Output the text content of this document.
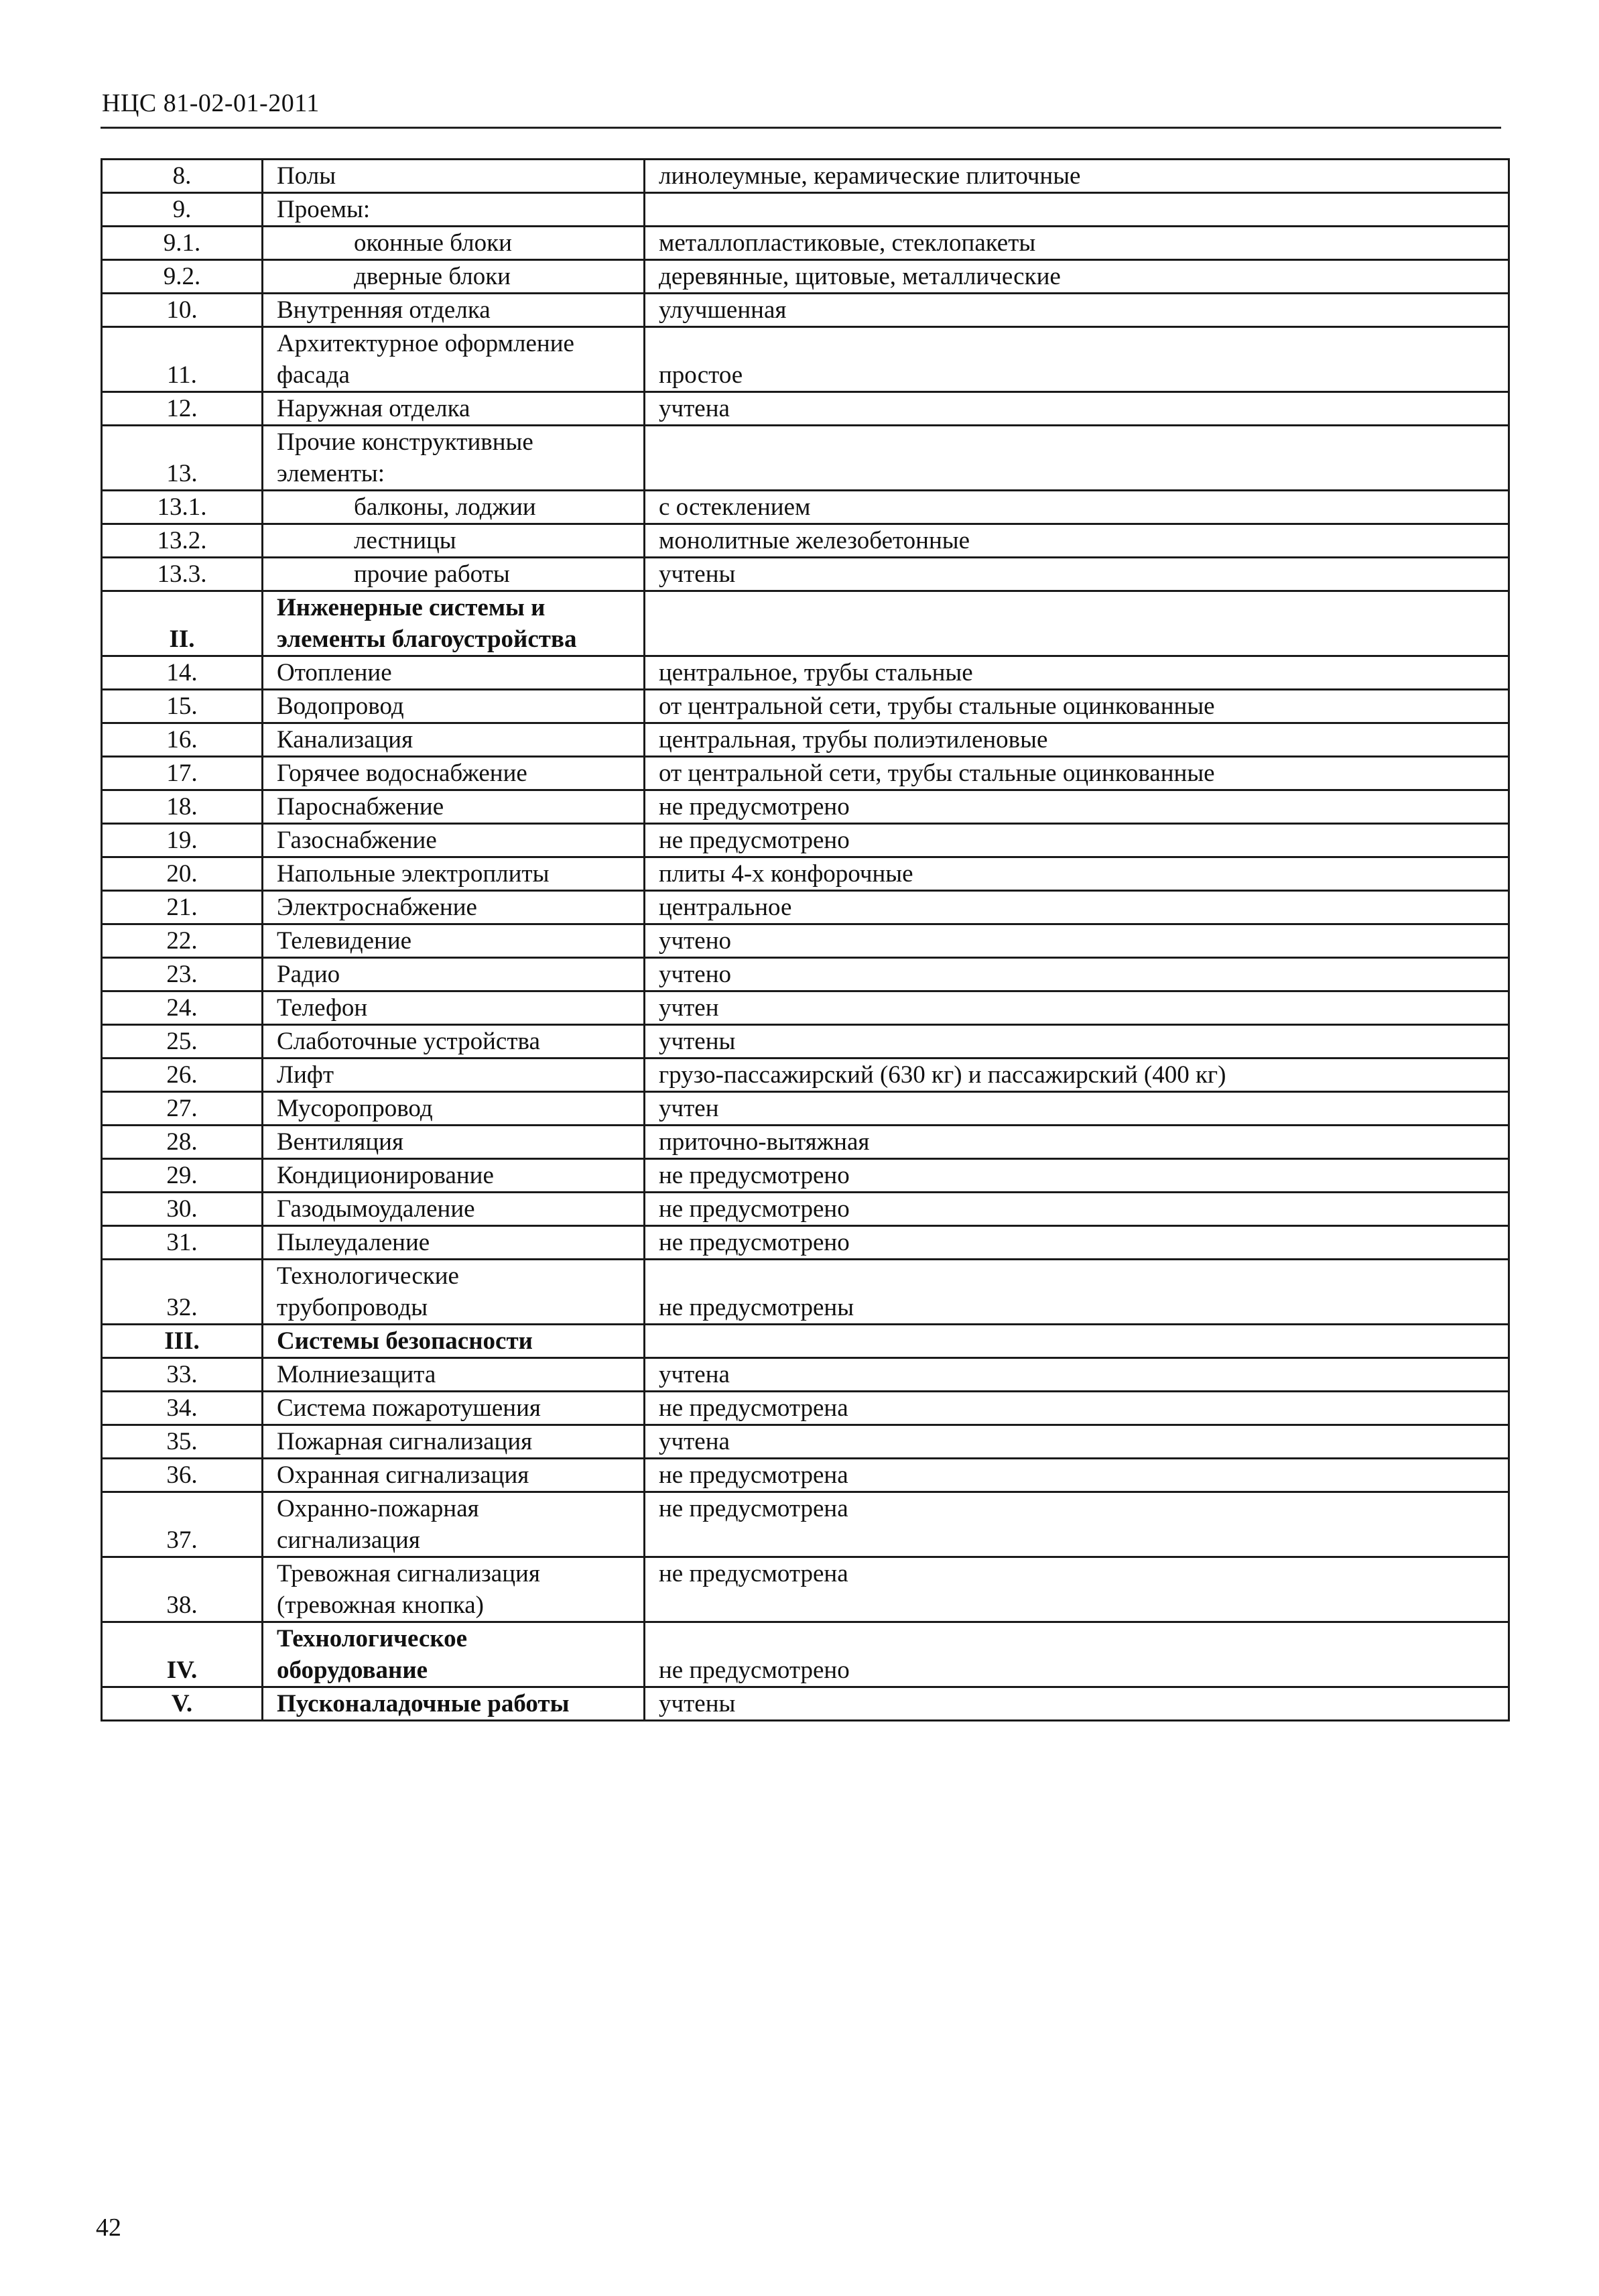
НЦС 81-02-01-2011
8.	Полы	линолеумные, керамические плиточные
9.	Проемы:	

9.1.	оконные блоки	металлопластиковые, стеклопакеты
9.2.	дверные блоки	деревянные, щитовые, металлические
10.	Внутренняя отделка	улучшенная
11.	Архитектурное оформление
фасада	простое
12.	Наружная отделка	учтена
13.	Прочие конструктивные
элементы:	

13.1.	балконы, лоджии	с остеклением
13.2.	лестницы	монолитные железобетонные
13.3.	прочие работы	учтены
II.	Инженерные системы и
элементы благоустройства	

14.	Отопление	центральное, трубы стальные
15.	Водопровод	от центральной сети, трубы стальные оцинкованные
16.	Канализация	центральная, трубы полиэтиленовые
17.	Горячее водоснабжение	от центральной сети, трубы стальные оцинкованные
18.	Пароснабжение	не предусмотрено
19.	Газоснабжение	не предусмотрено
20.	Напольные электроплиты	плиты 4-х конфорочные
21.	Электроснабжение	центральное
22.	Телевидение	учтено
23.	Радио	учтено
24.	Телефон	учтен
25.	Слаботочные устройства	учтены
26.	Лифт	грузо-пассажирский (630 кг) и пассажирский (400 кг)
27.	Мусоропровод	учтен
28.	Вентиляция	приточно-вытяжная
29.	Кондиционирование	не предусмотрено
30.	Газодымоудаление	не предусмотрено
31.	Пылеудаление	не предусмотрено
32.	Технологические
трубопроводы	не предусмотрены
III.	Системы безопасности	

33.	Молниезащита	учтена
34.	Система пожаротушения	не предусмотрена
35.	Пожарная сигнализация	учтена
36.	Охранная сигнализация	не предусмотрена
37.	Охранно-пожарная
сигнализация	не предусмотрена
38.	Тревожная сигнализация
(тревожная кнопка)	не предусмотрена
IV.	Технологическое
оборудование	не предусмотрено
V.	Пусконаладочные работы	учтены
42
